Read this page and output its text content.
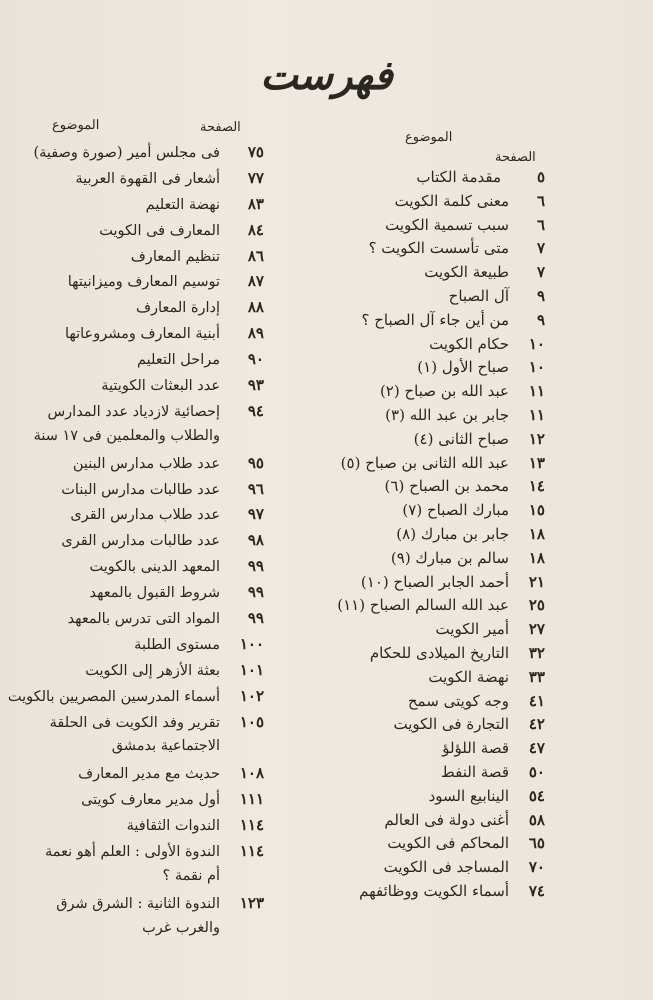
فهرست
الموضوع	الصفحة
الموضوع
الصفحة
٥
مقدمة الكتاب
٦
معنى كلمة الكويت
٦
سبب تسمية الكويت
٧
متى تأسست الكويت ؟
٧
طبيعة الكويت
٩
آل الصباح
٩
من أين جاء آل الصباح ؟
١٠
حكام الكويت
١٠
صباح الأول (١)
١١
عبد الله بن صباح (٢)
١١
جابر بن عبد الله (٣)
١٢
صباح الثانى (٤)
١٣
عبد الله الثانى بن صباح (٥)
١٤
محمد بن الصباح (٦)
١٥
مبارك الصباح (٧)
١٨
جابر بن مبارك (٨)
١٨
سالم بن مبارك (٩)
٢١
أحمد الجابر الصباح (١٠)
٢٥
عبد الله السالم الصباح (١١)
٢٧
أمير الكويت
٣٢
التاريخ الميلادى للحكام
٣٣
نهضة الكويت
٤١
وجه كويتى سمح
٤٢
التجارة فى الكويت
٤٧
قصة اللؤلؤ
٥٠
قصة النفط
٥٤
الينابيع السود
٥٨
أغنى دولة فى العالم
٦٥
المحاكم فى الكويت
٧٠
المساجد فى الكويت
٧٤
أسماء الكويت ووظائفهم
٧٥
فى مجلس أمير (صورة وصفية)
٧٧
أشعار فى القهوة العربية
٨٣
نهضة التعليم
٨٤
المعارف فى الكويت
٨٦
تنظيم المعارف
٨٧
توسيم المعارف وميزانيتها
٨٨
إدارة المعارف
٨٩
أبنية المعارف ومشروعاتها
٩٠
مراحل التعليم
٩٣
عدد البعثات الكويتية
٩٤
إحصائية لازدياد عدد المدارس
والطلاب والمعلمين فى ١٧ سنة
٩٥
عدد طلاب مدارس البنين
٩٦
عدد طالبات مدارس البنات
٩٧
عدد طلاب مدارس القرى
٩٨
عدد طالبات مدارس القرى
٩٩
المعهد الدينى بالكويت
٩٩
شروط القبول بالمعهد
٩٩
المواد التى تدرس بالمعهد
١٠٠
مستوى الطلبة
١٠١
بعثة الأزهر إلى الكويت
١٠٢
أسماء المدرسين المصريين بالكويت
١٠٥
تقرير وفد الكويت فى الحلقة
الاجتماعية بدمشق
١٠٨
حديث مع مدير المعارف
١١١
أول مدير معارف كويتى
١١٤
الندوات الثقافية
١١٤
الندوة الأولى : العلم أهو نعمة
أم نقمة ؟
١٢٣
الندوة الثانية : الشرق شرق
والغرب غرب
